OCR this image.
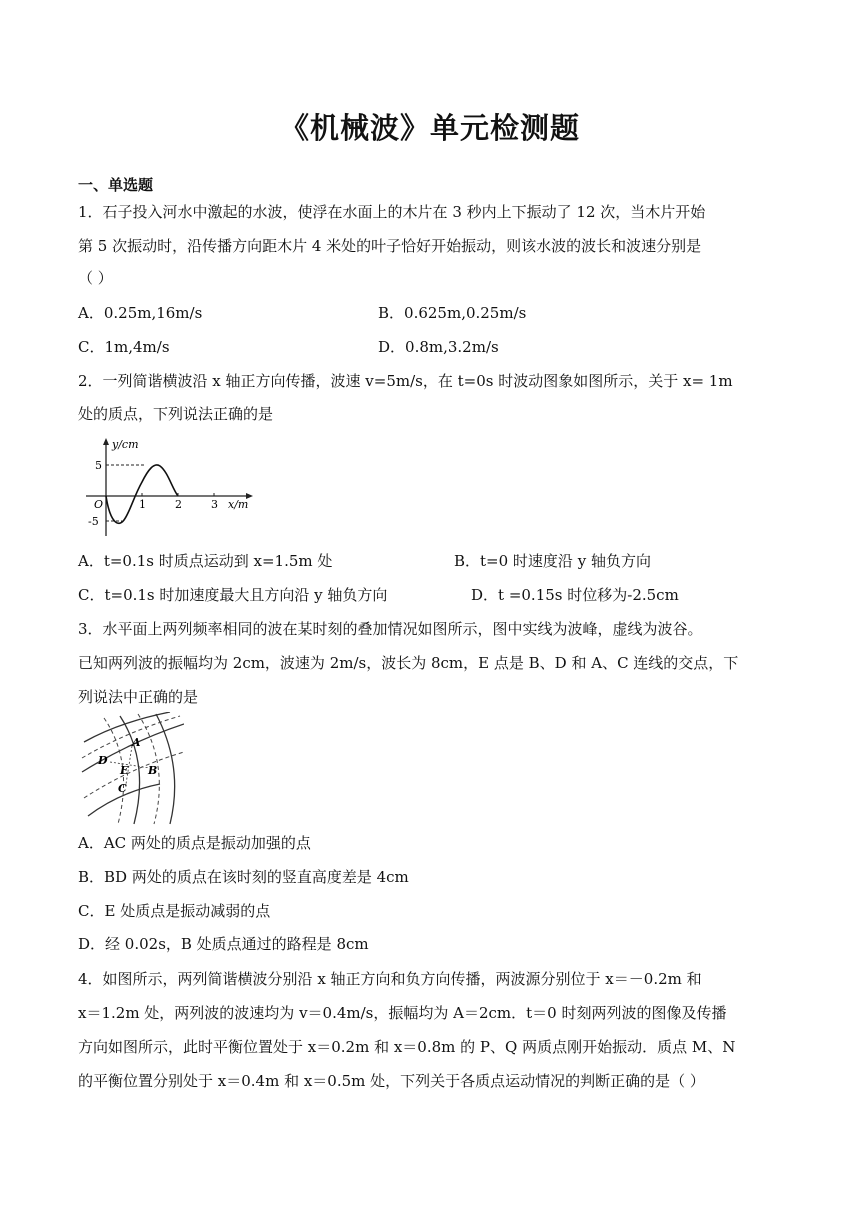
《机械波》单元检测题
一、单选题
1．石子投入河水中激起的水波，使浮在水面上的木片在 3 秒内上下振动了 12 次，当木片开始
第 5 次振动时，沿传播方向距木片 4 米处的叶子恰好开始振动，则该水波的波长和波速分别是
（ ）
A．0.25m,16m/s	B．0.625m,0.25m/s
C．1m,4m/s	D．0.8m,3.2m/s
2．一列简谐横波沿 x 轴正方向传播，波速 v=5m/s，在 t=0s 时波动图象如图所示，关于 x= 1m
处的质点，下列说法正确的是
y/cm
5
-5
O	1	2	3 x/m
A．t=0.1s 时质点运动到 x=1.5m 处	B．t=0 时速度沿 y 轴负方向
C．t=0.1s 时加速度最大且方向沿 y 轴负方向	D．t =0.15s 时位移为-2.5cm
3．水平面上两列频率相同的波在某时刻的叠加情况如图所示，图中实线为波峰，虚线为波谷。
已知两列波的振幅均为 2cm，波速为 2m/s，波长为 8cm，E 点是 B、D 和 A、C 连线的交点，下
列说法中正确的是
A
B
C
D
E
A．AC 两处的质点是振动加强的点
B．BD 两处的质点在该时刻的竖直高度差是 4cm
C．E 处质点是振动减弱的点
D．经 0.02s，B 处质点通过的路程是 8cm
4．如图所示，两列简谐横波分别沿 x 轴正方向和负方向传播，两波源分别位于 x＝－0.2m 和
x＝1.2m 处，两列波的波速均为 v＝0.4m/s，振幅均为 A＝2cm．t＝0 时刻两列波的图像及传播
方向如图所示，此时平衡位置处于 x＝0.2m 和 x＝0.8m 的 P、Q 两质点刚开始振动．质点 M、N
的平衡位置分别处于 x＝0.4m 和 x＝0.5m 处，下列关于各质点运动情况的判断正确的是（ ）
